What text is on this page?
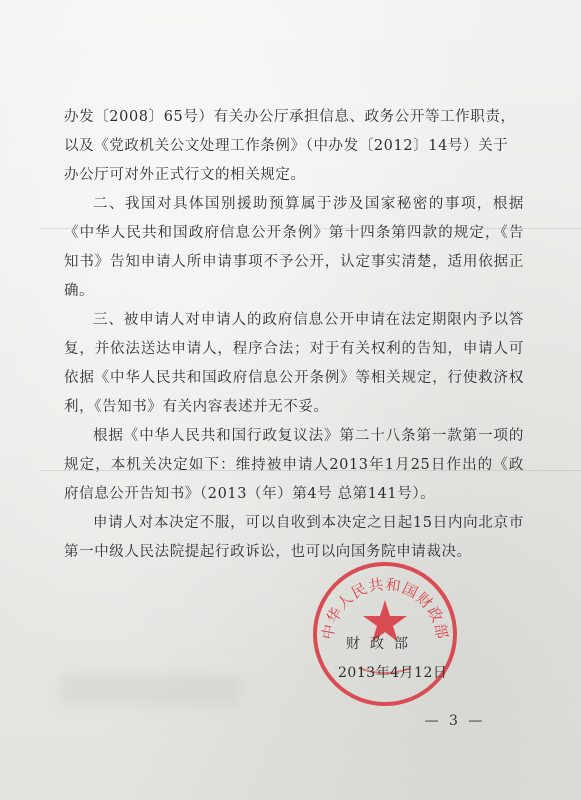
办发〔2008〕65号）有关办公厅承担信息、政务公开等工作职责，

以及《党政机关公文处理工作条例》（中办发〔2012〕14号）关于

办公厅可对外正式行文的相关规定。

二、我国对具体国别援助预算属于涉及国家秘密的事项，根据《中华人民共和国政府信息公开条例》第十四条第四款的规定，《告知书》告知申请人所申请事项不予公开，认定事实清楚，适用依据正确。

三、被申请人对申请人的政府信息公开申请在法定期限内予以答复，并依法送达申请人，程序合法；对于有关权利的告知，申请人可依据《中华人民共和国政府信息公开条例》等相关规定，行使救济权利，《告知书》有关内容表述并无不妥。

根据《中华人民共和国行政复议法》第二十八条第一款第一项的规定，本机关决定如下：维持被申请人2013年1月25日作出的《政府信息公开告知书》（2013（年）第4号 总第141号）。

申请人对本决定不服，可以自收到本决定之日起15日内向北京市第一中级人民法院提起行政诉讼，也可以向国务院申请裁决。

中华人民共和国财政部
财政部
2013年4月12日
— 3 —
